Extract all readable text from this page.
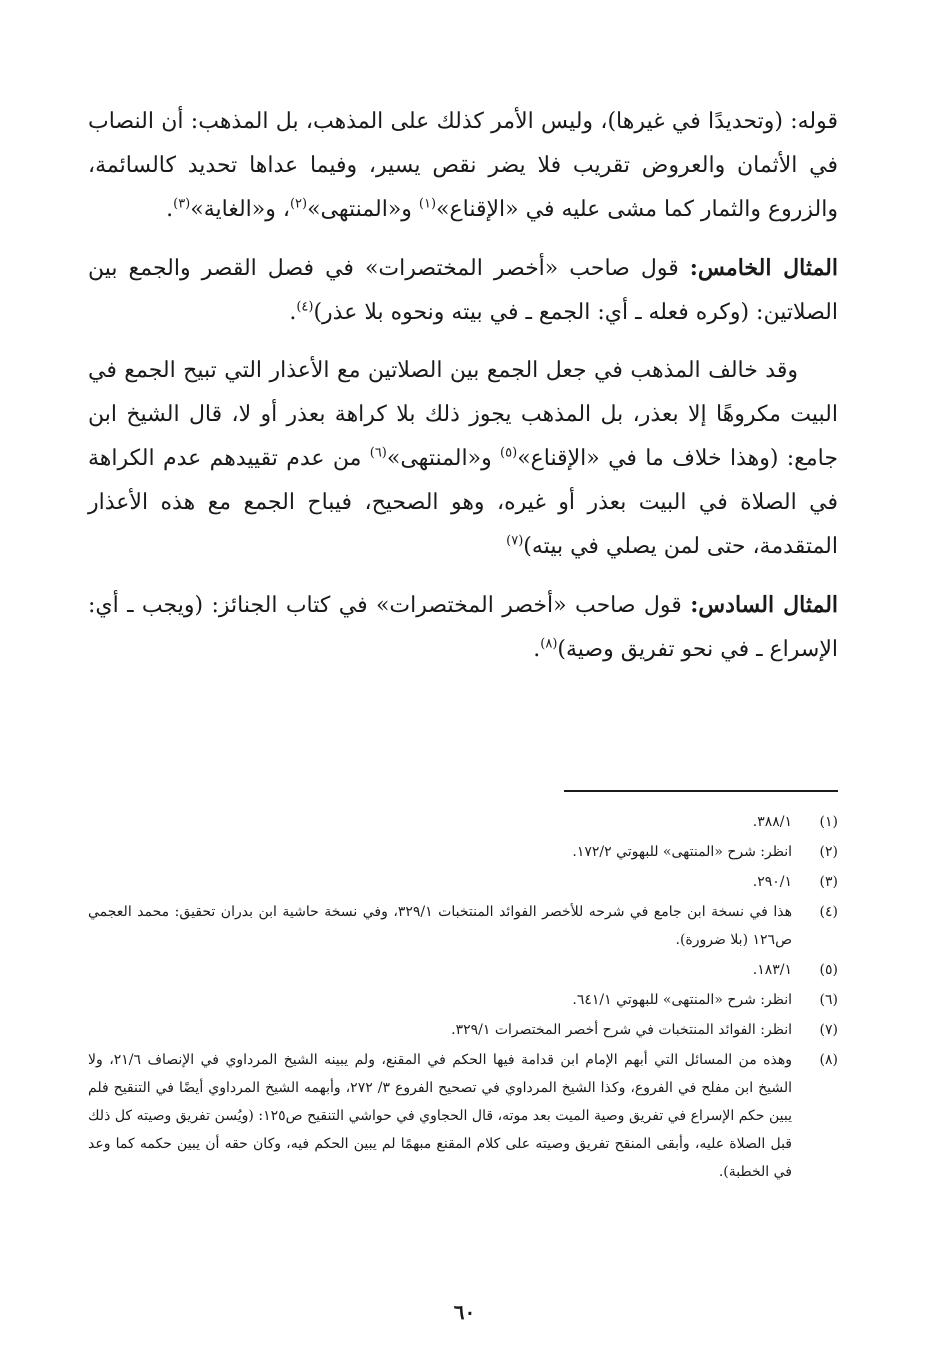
قوله: (وتحديدًا في غيرها)، وليس الأمر كذلك على المذهب، بل المذهب: أن النصاب في الأثمان والعروض تقريب فلا يضر نقص يسير، وفيما عداها تحديد كالسائمة، والزروع والثمار كما مشى عليه في «الإقناع»$^{(١)}$ و«المنتهى»$^{(٢)}$، و«الغاية»$^{(٣)}$.

المثال الخامس: قول صاحب «أخصر المختصرات» في فصل القصر والجمع بين الصلاتين: (وكره فعله ـ أي: الجمع ـ في بيته ونحوه بلا عذر)$^{(٤)}$.

وقد خالف المذهب في جعل الجمع بين الصلاتين مع الأعذار التي تبيح الجمع في البيت مكروهًا إلا بعذر، بل المذهب يجوز ذلك بلا كراهة بعذر أو لا، قال الشيخ ابن جامع: (وهذا خلاف ما في «الإقناع»$^{(٥)}$ و«المنتهى»$^{(٦)}$ من عدم تقييدهم عدم الكراهة في الصلاة في البيت بعذر أو غيره، وهو الصحيح، فيباح الجمع مع هذه الأعذار المتقدمة، حتى لمن يصلي في بيته)$^{(٧)}$

المثال السادس: قول صاحب «أخصر المختصرات» في كتاب الجنائز: (ويجب ـ أي: الإسراع ـ في نحو تفريق وصية)$^{(٨)}$.

(١)
٣٨٨/١.
(٢)
انظر: شرح «المنتهى» للبهوتي ١٧٢/٢.
(٣)
٢٩٠/١.
(٤)
هذا في نسخة ابن جامع في شرحه للأخصر الفوائد المنتخبات ٣٢٩/١، وفي نسخة حاشية ابن بدران تحقيق: محمد العجمي ص١٢٦ (بلا ضرورة).
(٥)
١٨٣/١.
(٦)
انظر: شرح «المنتهى» للبهوتي ٦٤١/١.
(٧)
انظر: الفوائد المنتخبات في شرح أخصر المختصرات ٣٢٩/١.
(٨)
وهذه من المسائل التي أبهم الإمام ابن قدامة فيها الحكم في المقنع، ولم يبينه الشيخ المرداوي في الإنصاف ٢١/٦، ولا الشيخ ابن مفلح في الفروع، وكذا الشيخ المرداوي في تصحيح الفروع ٣/ ٢٧٢، وأبهمه الشيخ المرداوي أيضًا في التنقيح فلم يبين حكم الإسراع في تفريق وصية الميت بعد موته، قال الحجاوي في حواشي التنقيح ص١٢٥: (ويُسن تفريق وصيته كل ذلك قبل الصلاة عليه، وأبقى المنقح تفريق وصيته على كلام المقنع مبهمًا لم يبين الحكم فيه، وكان حقه أن يبين حكمه كما وعد في الخطبة).
٦٠
